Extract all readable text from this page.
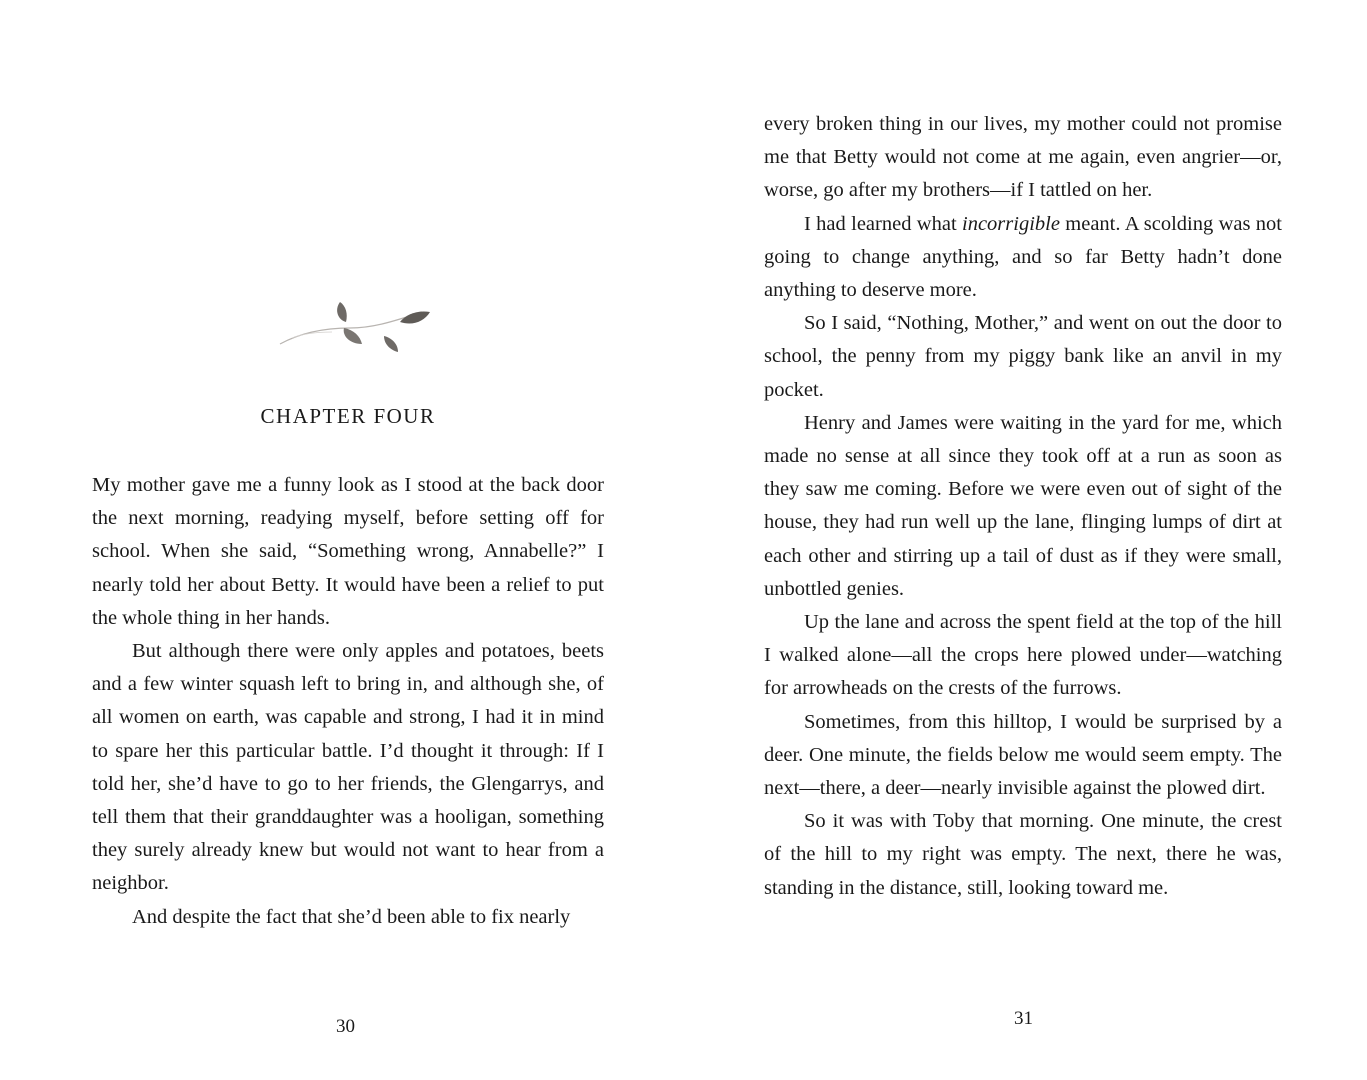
CHAPTER FOUR

My mother gave me a funny look as I stood at the back door the next morning, readying myself, before setting off for school. When she said, “Something wrong, Annabelle?” I nearly told her about Betty. It would have been a relief to put the whole thing in her hands.

But although there were only apples and potatoes, beets and a few winter squash left to bring in, and although she, of all women on earth, was capable and strong, I had it in mind to spare her this particular battle. I’d thought it through: If I told her, she’d have to go to her friends, the Glengarrys, and tell them that their granddaughter was a hooligan, something they surely already knew but would not want to hear from a neighbor.

And despite the fact that she’d been able to fix nearly

30

every broken thing in our lives, my mother could not promise me that Betty would not come at me again, even angrier—or, worse, go after my brothers—if I tattled on her.

I had learned what incorrigible meant. A scolding was not going to change anything, and so far Betty hadn’t done anything to deserve more.

So I said, “Nothing, Mother,” and went on out the door to school, the penny from my piggy bank like an anvil in my pocket.

Henry and James were waiting in the yard for me, which made no sense at all since they took off at a run as soon as they saw me coming. Before we were even out of sight of the house, they had run well up the lane, flinging lumps of dirt at each other and stirring up a tail of dust as if they were small, unbottled genies.

Up the lane and across the spent field at the top of the hill I walked alone—all the crops here plowed under—watching for arrowheads on the crests of the furrows.

Sometimes, from this hilltop, I would be surprised by a deer. One minute, the fields below me would seem empty. The next—there, a deer—nearly invisible against the plowed dirt.

So it was with Toby that morning. One minute, the crest of the hill to my right was empty. The next, there he was, standing in the distance, still, looking toward me.

31
